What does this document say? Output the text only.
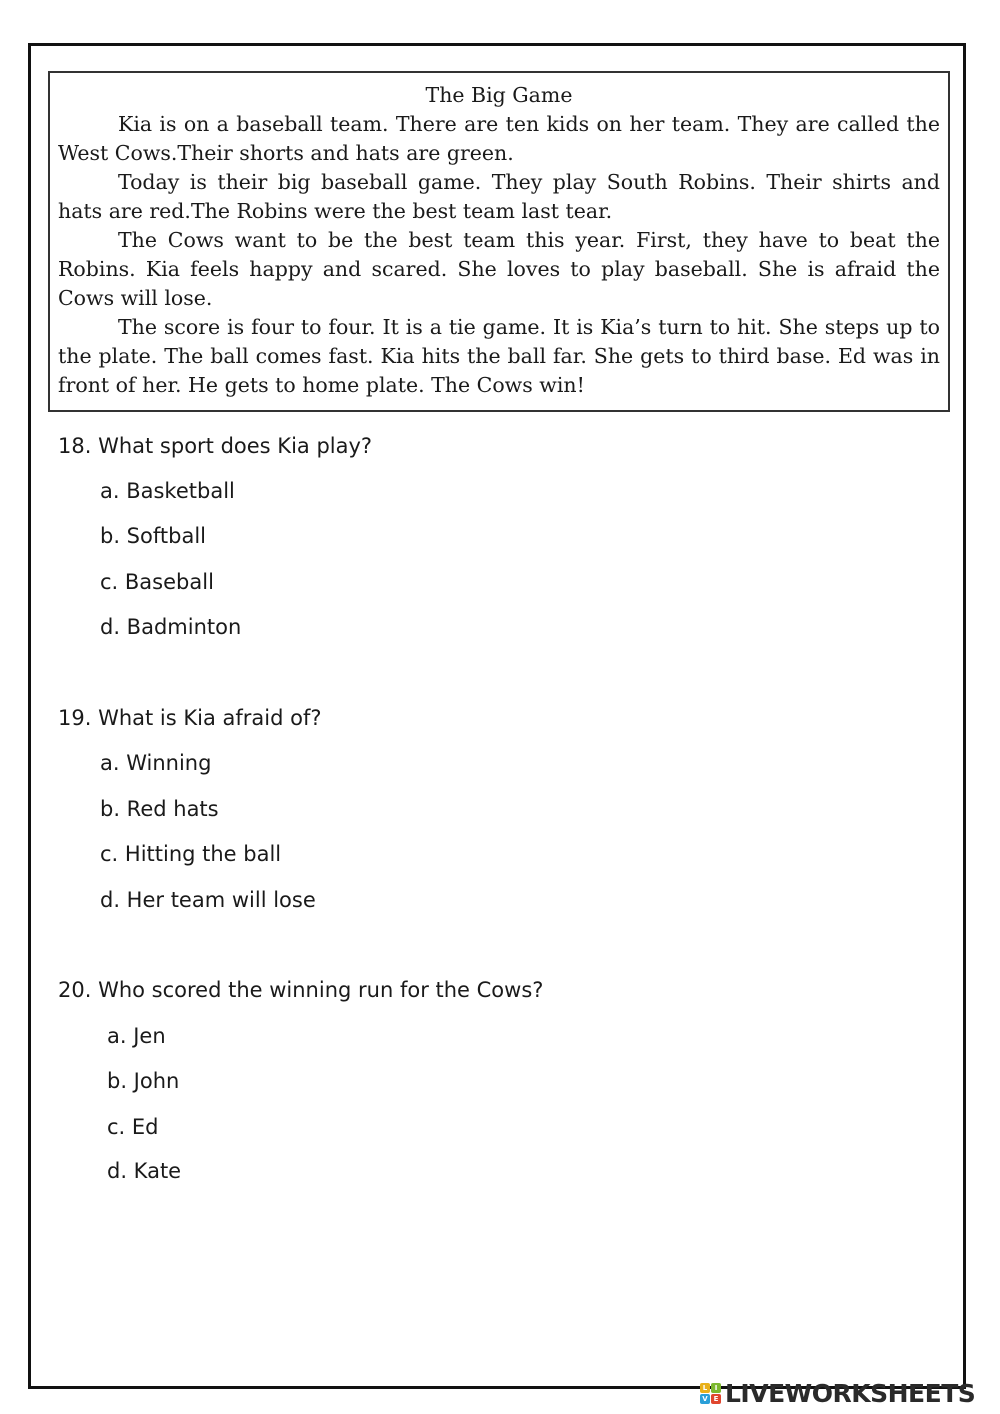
The Big Game

Kia is on a baseball team. There are ten kids on her team. They are called the West Cows.Their shorts and hats are green.

Today is their big baseball game. They play South Robins. Their shirts and hats are red.The Robins were the best team last tear.

The Cows want to be the best team this year. First, they have to beat the Robins. Kia feels happy and scared. She loves to play baseball. She is afraid the Cows will lose.

The score is four to four. It is a tie game. It is Kia’s turn to hit. She steps up to the plate. The ball comes fast. Kia hits the ball far. She gets to third base. Ed was in front of her. He gets to home plate. The Cows win!

18. What sport does Kia play?

a. Basketball

b. Softball

c. Baseball

d. Badminton

19. What is Kia afraid of?

a. Winning

b. Red hats

c. Hitting the ball

d. Her team will lose

20. Who scored the winning run for the Cows?

a. Jen

b. John

c. Ed

d. Kate

L	I
V E LIVEWORKSHEETS
